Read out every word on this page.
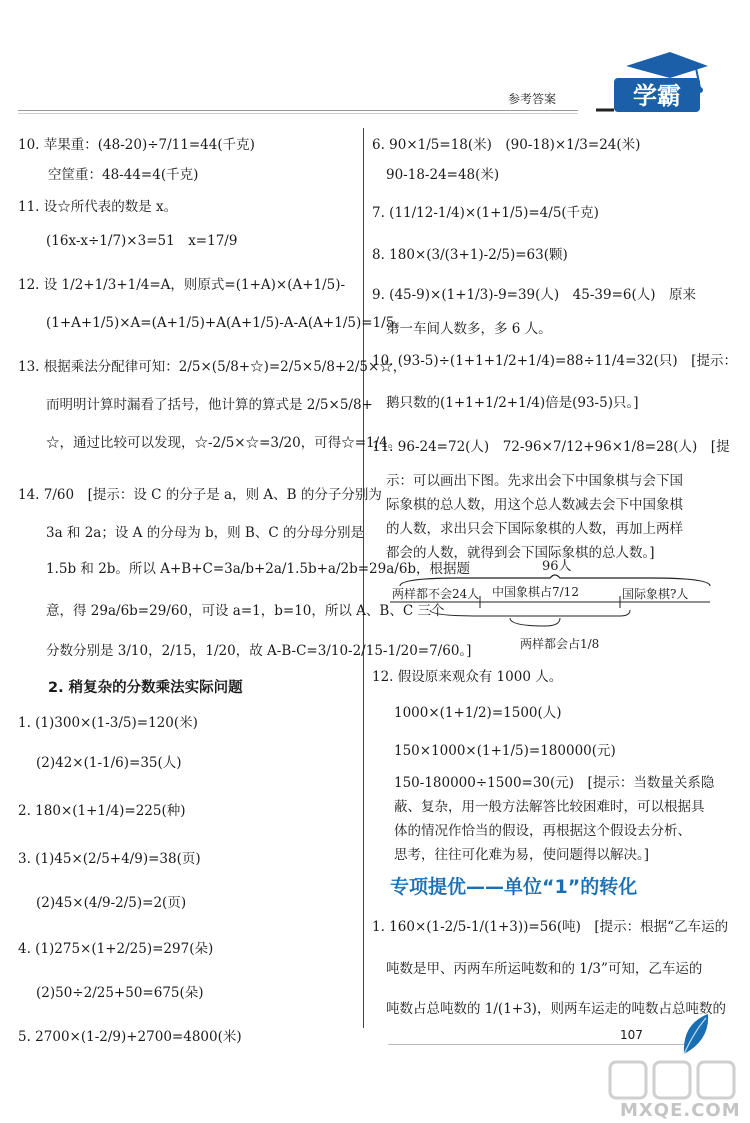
参考答案	学霸
10. 苹果重：(48-20)÷7/11=44(千克)
空筐重：48-44=4(千克)
11. 设☆所代表的数是 x。
(16x-x÷1/7)×3=51　x=17/9
12. 设 1/2+1/3+1/4=A，则原式=(1+A)×(A+1/5)-
(1+A+1/5)×A=(A+1/5)+A(A+1/5)-A-A(A+1/5)=1/5。
13. 根据乘法分配律可知：2/5×(5/8+☆)=2/5×5/8+2/5×☆，
而明明计算时漏看了括号，他计算的算式是 2/5×5/8+
☆，通过比较可以发现，☆-2/5×☆=3/20，可得☆=1/4。
14. 7/60　[提示：设 C 的分子是 a，则 A、B 的分子分别为
3a 和 2a；设 A 的分母为 b，则 B、C 的分母分别是
1.5b 和 2b。所以 A+B+C=3a/b+2a/1.5b+a/2b=29a/6b，根据题
意，得 29a/6b=29/60，可设 a=1，b=10，所以 A、B、C 三个
分数分别是 3/10，2/15，1/20，故 A-B-C=3/10-2/15-1/20=7/60。]
2. 稍复杂的分数乘法实际问题
1. (1)300×(1-3/5)=120(米)
(2)42×(1-1/6)=35(人)
2. 180×(1+1/4)=225(种)
3. (1)45×(2/5+4/9)=38(页)
(2)45×(4/9-2/5)=2(页)
4. (1)275×(1+2/25)=297(朵)
(2)50÷2/25+50=675(朵)
5. 2700×(1-2/9)+2700=4800(米)
6. 90×1/5=18(米)　(90-18)×1/3=24(米)
90-18-24=48(米)
7. (11/12-1/4)×(1+1/5)=4/5(千克)
8. 180×(3/(3+1)-2/5)=63(颗)
9. (45-9)×(1+1/3)-9=39(人)　45-39=6(人)　原来
第一车间人数多，多 6 人。
10. (93-5)÷(1+1+1/2+1/4)=88÷11/4=32(只)　[提示：
鹅只数的(1+1+1/2+1/4)倍是(93-5)只。]
11. 96-24=72(人)　72-96×7/12+96×1/8=28(人)　[提
示：可以画出下图。先求出会下中国象棋与会下国
际象棋的总人数，用这个总人数减去会下中国象棋
的人数，求出只会下国际象棋的人数，再加上两样
都会的人数，就得到会下国际象棋的总人数。]
96人
两样都不会24人 中国象棋占7/12	国际象棋?人
两样都会占1/8
12. 假设原来观众有 1000 人。
1000×(1+1/2)=1500(人)
150×1000×(1+1/5)=180000(元)
150-180000÷1500=30(元)　[提示：当数量关系隐
蔽、复杂，用一般方法解答比较困难时，可以根据具
体的情况作恰当的假设，再根据这个假设去分析、
思考，往往可化难为易，使问题得以解决。]
专项提优——单位“1”的转化
1. 160×(1-2/5-1/(1+3))=56(吨)　[提示：根据“乙车运的
吨数是甲、丙两车所运吨数和的 1/3”可知，乙车运的
吨数占总吨数的 1/(1+3)，则两车运走的吨数占总吨数的
107
MXQE.COM
